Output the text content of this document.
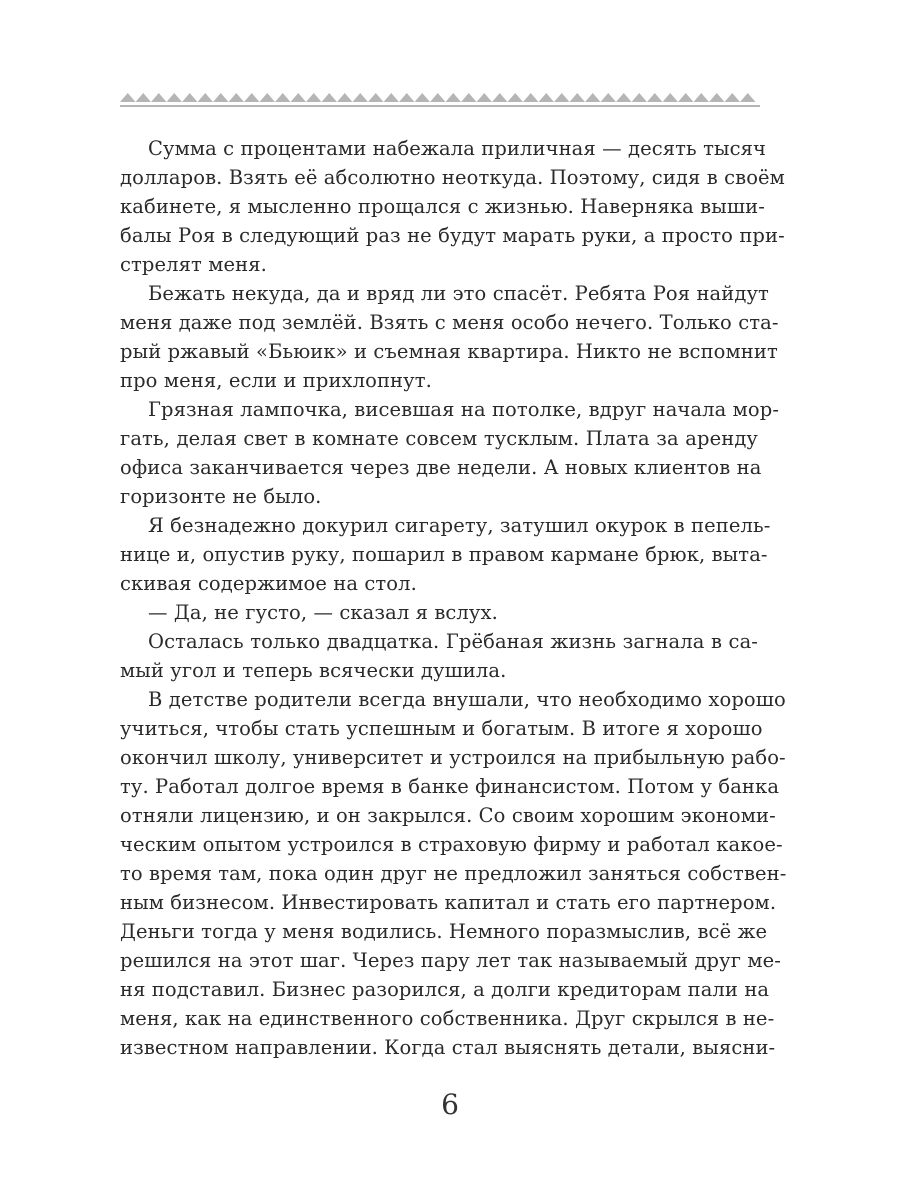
Сумма с процентами набежала приличная — десять тысяч
долларов. Взять её абсолютно неоткуда. Поэтому, сидя в своём
кабинете, я мысленно прощался с жизнью. Наверняка выши-
балы Роя в следующий раз не будут марать руки, а просто при-
стрелят меня.
Бежать некуда, да и вряд ли это спасёт. Ребята Роя найдут
меня даже под землёй. Взять с меня особо нечего. Только ста-
рый ржавый «Бьюик» и съемная квартира. Никто не вспомнит
про меня, если и прихлопнут.
Грязная лампочка, висевшая на потолке, вдруг начала мор-
гать, делая свет в комнате совсем тусклым. Плата за аренду
офиса заканчивается через две недели. А новых клиентов на
горизонте не было.
Я безнадежно докурил сигарету, затушил окурок в пепель-
нице и, опустив руку, пошарил в правом кармане брюк, выта-
скивая содержимое на стол.
— Да, не густо, — сказал я вслух.
Осталась только двадцатка. Грёбаная жизнь загнала в са-
мый угол и теперь всячески душила.
В детстве родители всегда внушали, что необходимо хорошо
учиться, чтобы стать успешным и богатым. В итоге я хорошо
окончил школу, университет и устроился на прибыльную рабо-
ту. Работал долгое время в банке финансистом. Потом у банка
отняли лицензию, и он закрылся. Со своим хорошим экономи-
ческим опытом устроился в страховую фирму и работал какое-
то время там, пока один друг не предложил заняться собствен-
ным бизнесом. Инвестировать капитал и стать его партнером.
Деньги тогда у меня водились. Немного поразмыслив, всё же
решился на этот шаг. Через пару лет так называемый друг ме-
ня подставил. Бизнес разорился, а долги кредиторам пали на
меня, как на единственного собственника. Друг скрылся в не-
известном направлении. Когда стал выяснять детали, выясни-
6
